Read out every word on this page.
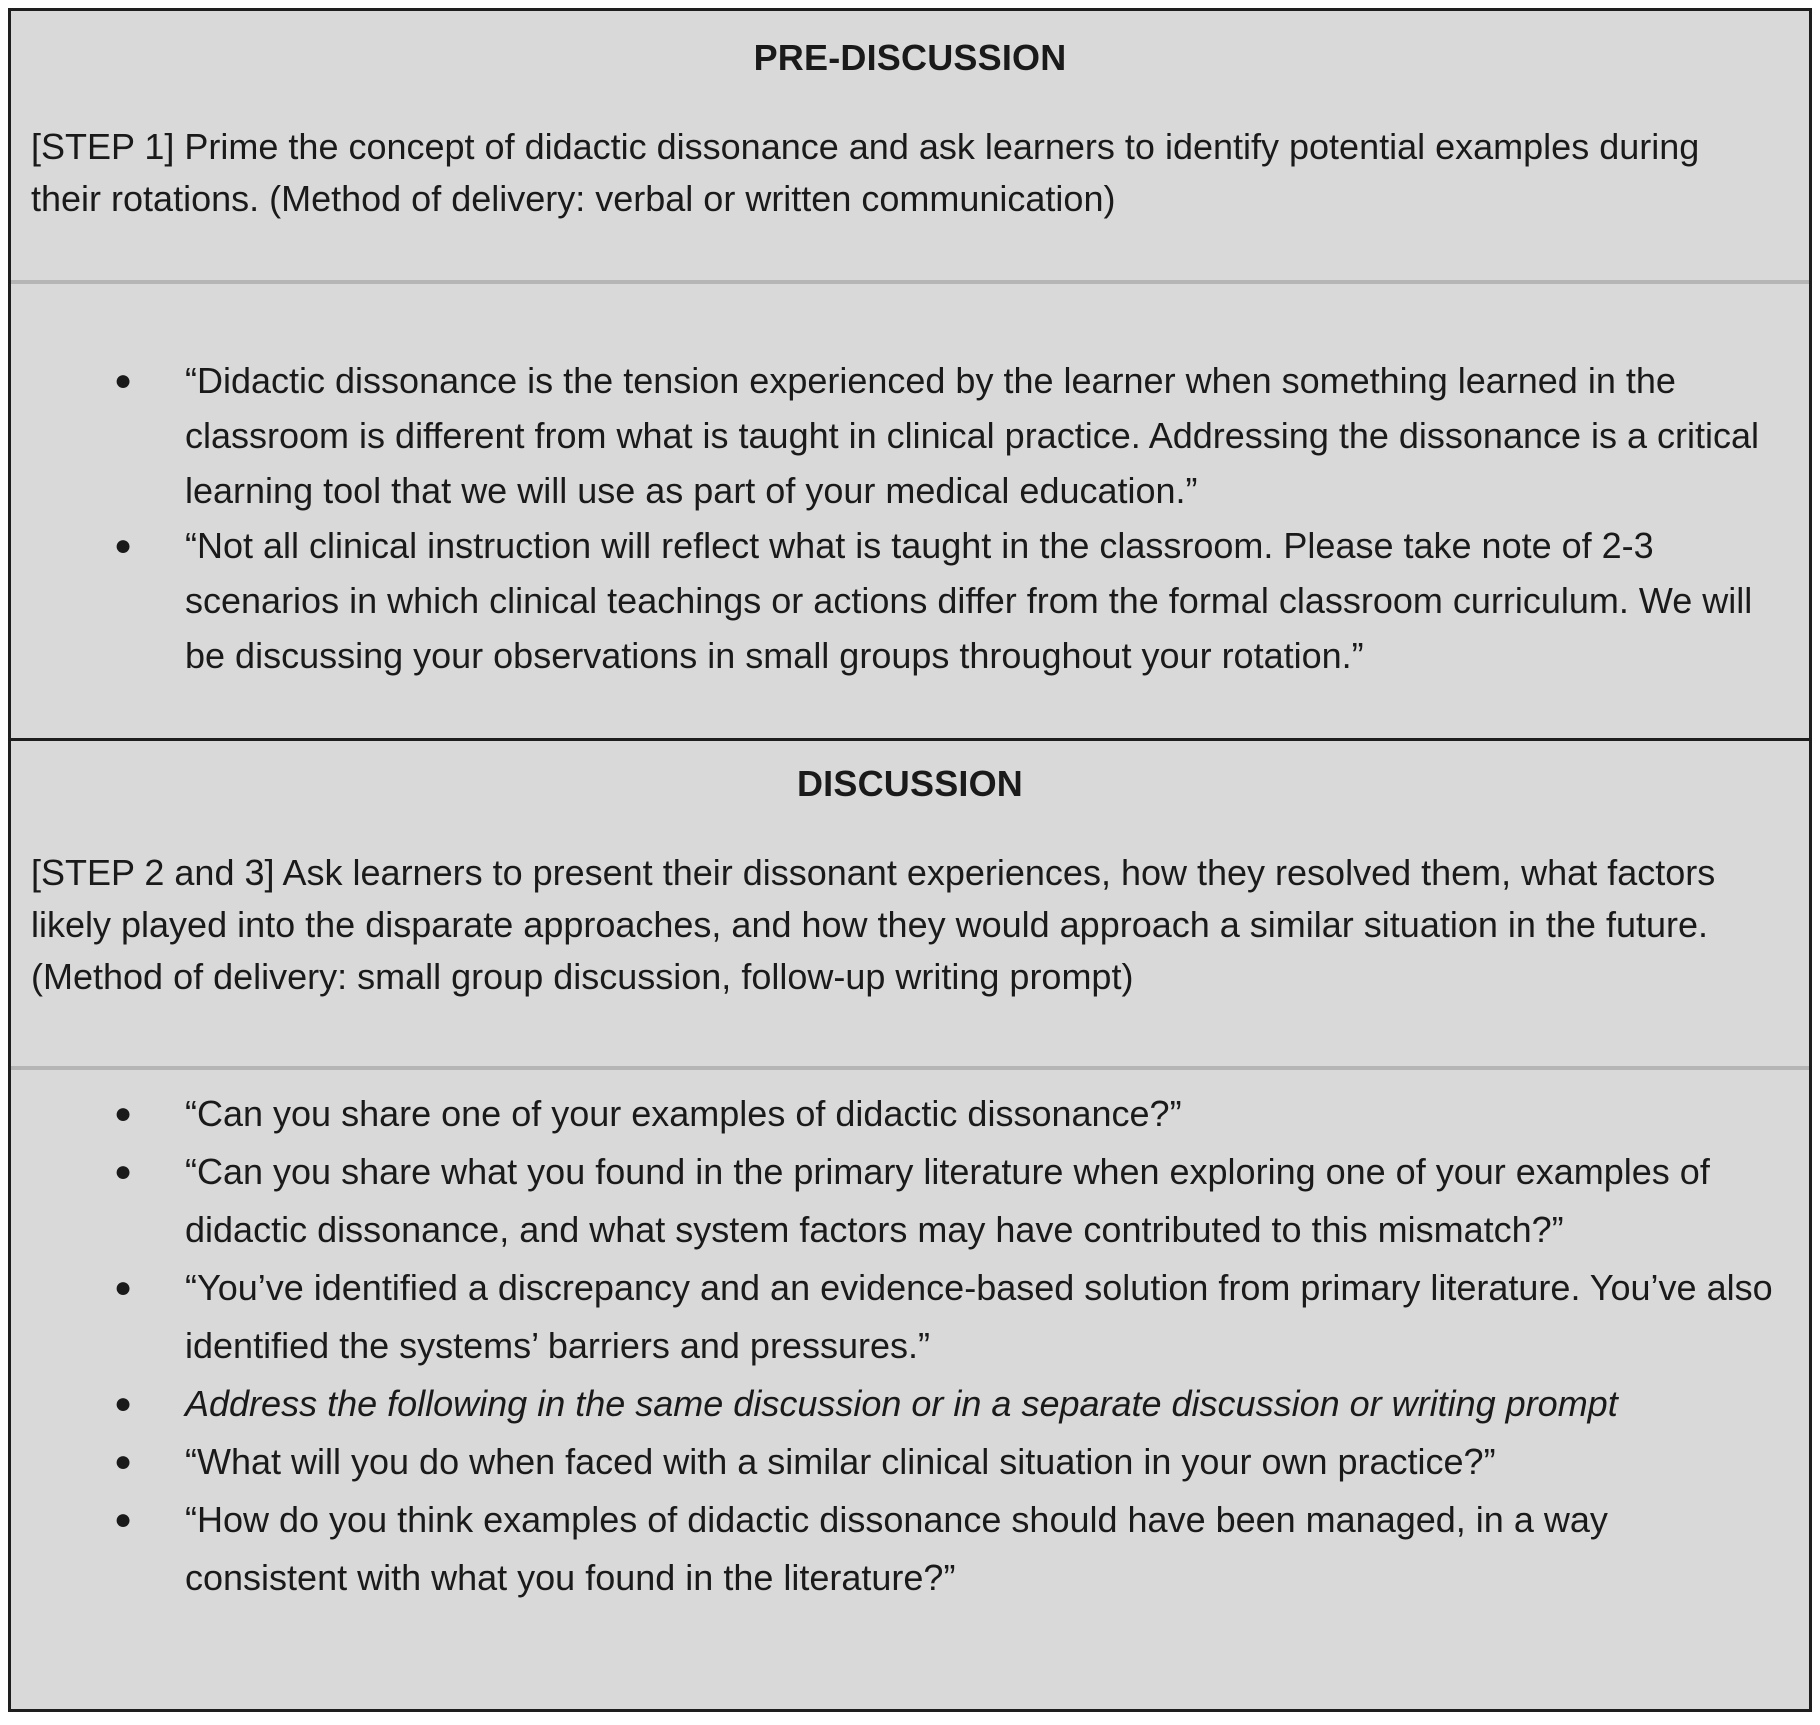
PRE-DISCUSSION
[STEP 1] Prime the concept of didactic dissonance and ask learners to identify potential examples during their rotations. (Method of delivery: verbal or written communication)
● “Didactic dissonance is the tension experienced by the learner when something learned in the classroom is different from what is taught in clinical practice. Addressing the dissonance is a critical learning tool that we will use as part of your medical education.”
● “Not all clinical instruction will reflect what is taught in the classroom. Please take note of 2-3 scenarios in which clinical teachings or actions differ from the formal classroom curriculum. We will be discussing your observations in small groups throughout your rotation.”
DISCUSSION
[STEP 2 and 3] Ask learners to present their dissonant experiences, how they resolved them, what factors likely played into the disparate approaches, and how they would approach a similar situation in the future. (Method of delivery: small group discussion, follow-up writing prompt)
● “Can you share one of your examples of didactic dissonance?”
● “Can you share what you found in the primary literature when exploring one of your examples of didactic dissonance, and what system factors may have contributed to this mismatch?”
● “You’ve identified a discrepancy and an evidence-based solution from primary literature. You’ve also identified the systems’ barriers and pressures.”
● Address the following in the same discussion or in a separate discussion or writing prompt
● “What will you do when faced with a similar clinical situation in your own practice?”
● “How do you think examples of didactic dissonance should have been managed, in a way consistent with what you found in the literature?”
